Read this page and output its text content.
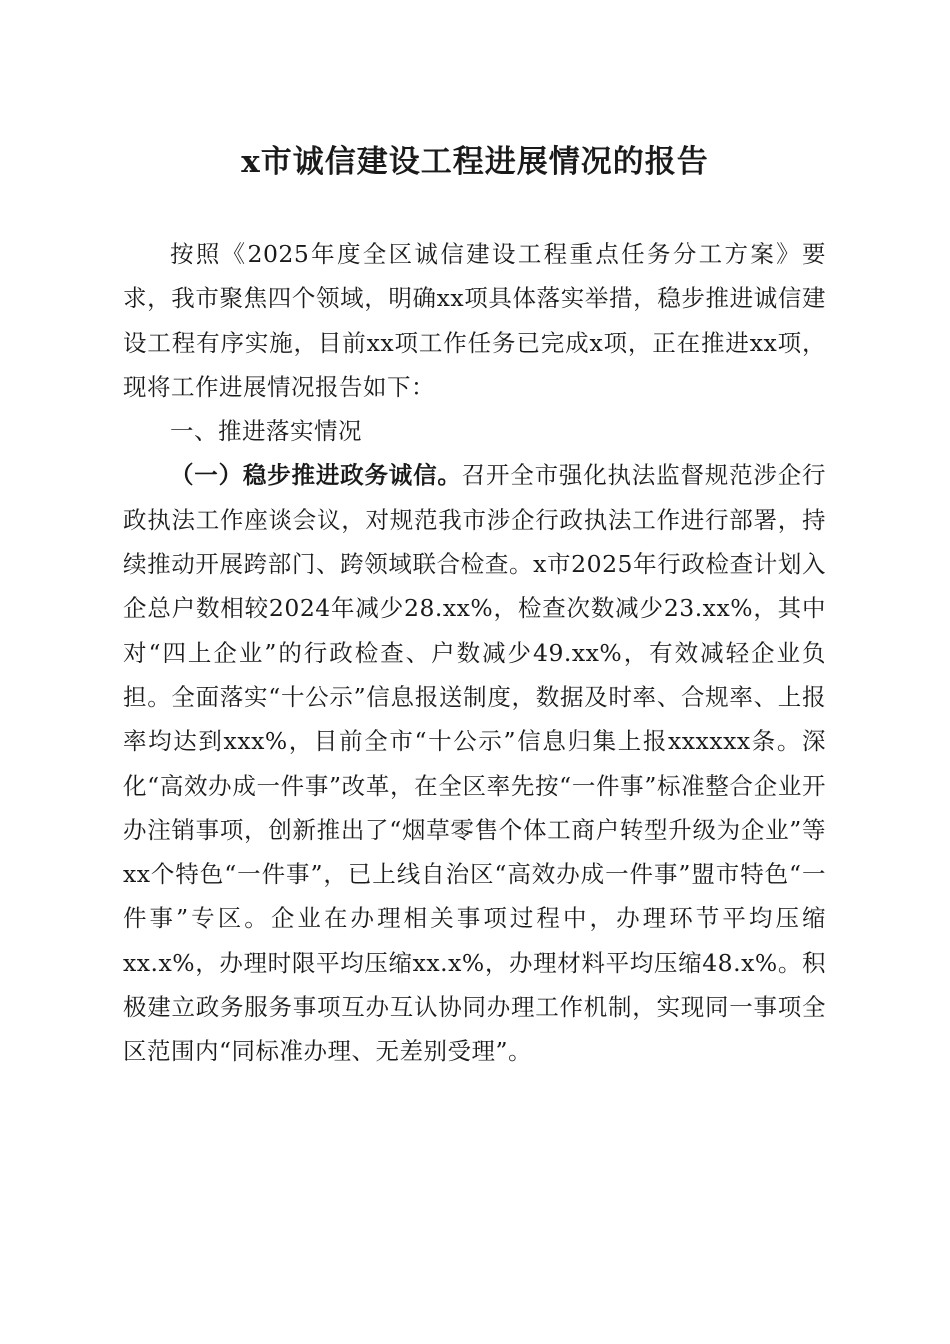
x市诚信建设工程进展情况的报告

按照《2025年度全区诚信建设工程重点任务分工方案》要求，我市聚焦四个领域，明确xx项具体落实举措，稳步推进诚信建设工程有序实施，目前xx项工作任务已完成x项，正在推进xx项，现将工作进展情况报告如下：

一、推进落实情况

（一）稳步推进政务诚信。召开全市强化执法监督规范涉企行政执法工作座谈会议，对规范我市涉企行政执法工作进行部署，持续推动开展跨部门、跨领域联合检查。x市2025年行政检查计划入企总户数相较2024年减少28.xx%，检查次数减少23.xx%，其中对“四上企业”的行政检查、户数减少49.xx%，有效减轻企业负担。全面落实“十公示”信息报送制度，数据及时率、合规率、上报率均达到xxx%，目前全市“十公示”信息归集上报xxxxxx条。深化“高效办成一件事”改革，在全区率先按“一件事”标准整合企业开办注销事项，创新推出了“烟草零售个体工商户转型升级为企业”等xx个特色“一件事”，已上线自治区“高效办成一件事”盟市特色“一件事”专区。企业在办理相关事项过程中，办理环节平均压缩xx.x%，办理时限平均压缩xx.x%，办理材料平均压缩48.x%。积极建立政务服务事项互办互认协同办理工作机制，实现同一事项全区范围内“同标准办理、无差别受理”。
